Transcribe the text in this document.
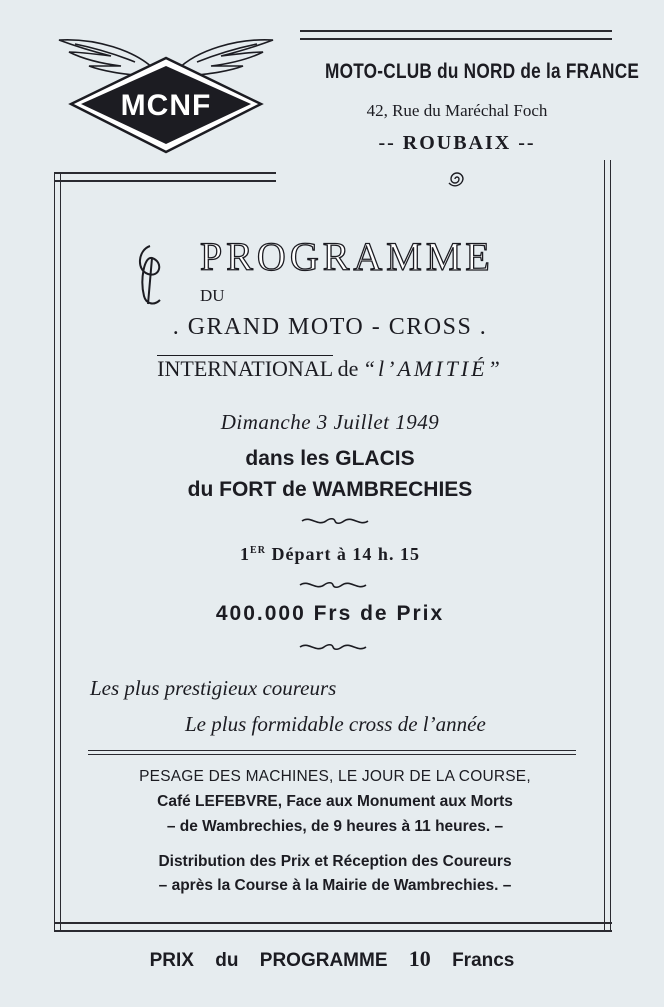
MCNF
MOTO-CLUB du NORD de la FRANCE
42, Rue du Maréchal Foch
-- ROUBAIX --
PROGRAMME
DU
. GRAND MOTO - CROSS .
INTERNATIONAL de “l’AMITIÉ”
Dimanche 3 Juillet 1949
dans les GLACIS
du FORT de WAMBRECHIES
1ER Départ à 14 h. 15
400.000 Frs de Prix
Les plus prestigieux coureurs
Le plus formidable cross de l’année
PESAGE DES MACHINES, LE JOUR DE LA COURSE,
Café LEFEBVRE, Face aux Monument aux Morts
– de Wambrechies, de 9 heures à 11 heures. –
Distribution des Prix et Réception des Coureurs
– après la Course à la Mairie de Wambrechies. –
PRIX du PROGRAMME 10 Francs
